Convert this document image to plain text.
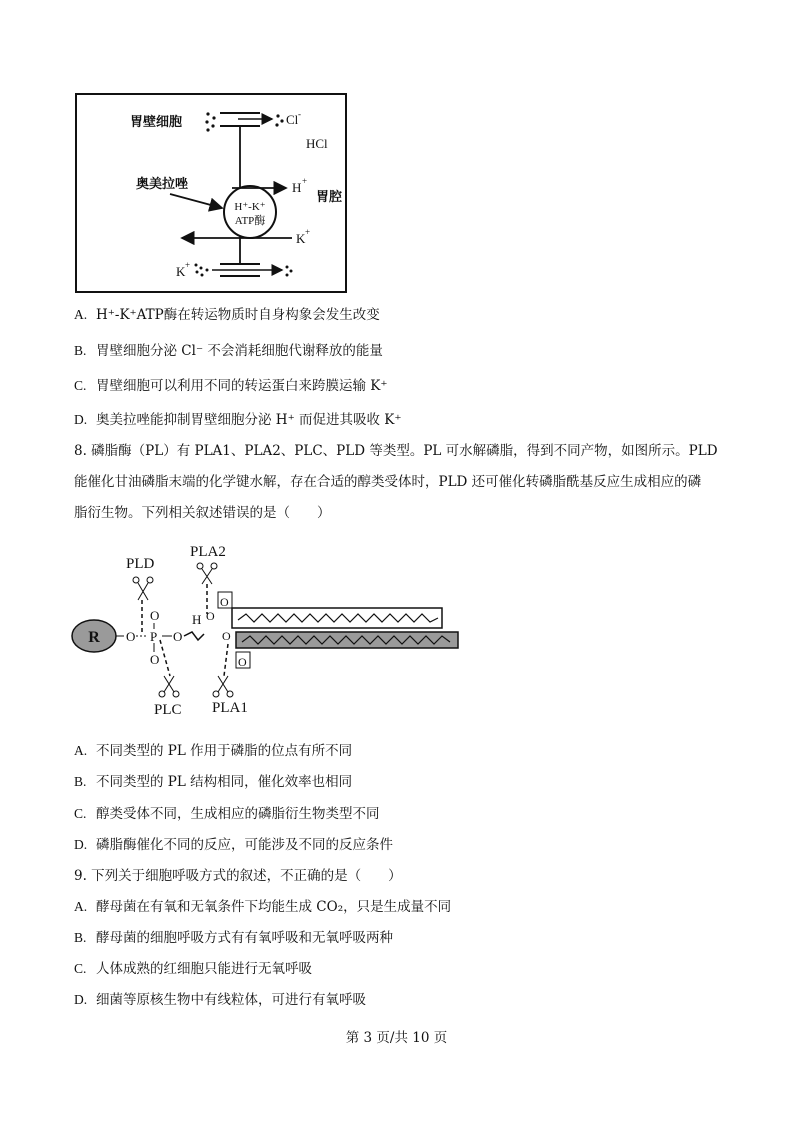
胃壁细胞	Cl -
HCl
H⁺-K⁺
ATP酶
H +
胃腔
奥美拉唑
K +
K +
A. H⁺-K⁺ATP酶在转运物质时自身构象会发生改变
B. 胃壁细胞分泌 Cl⁻ 不会消耗细胞代谢释放的能量
C. 胃壁细胞可以利用不同的转运蛋白来跨膜运输 K⁺
D. 奥美拉唑能抑制胃壁细胞分泌 H⁺ 而促进其吸收 K⁺
8. 磷脂酶（PL）有 PLA1、PLA2、PLC、PLD 等类型。PL 可水解磷脂，得到不同产物，如图所示。PLD
能催化甘油磷脂末端的化学键水解，存在合适的醇类受体时，PLD 还可催化转磷脂酰基反应生成相应的磷
脂衍生物。下列相关叙述错误的是（　　）
R O P
O
O
O
H O
O
PLD
PLC
PLA2
O
O
PLA1
A. 不同类型的 PL 作用于磷脂的位点有所不同
B. 不同类型的 PL 结构相同，催化效率也相同
C. 醇类受体不同，生成相应的磷脂衍生物类型不同
D. 磷脂酶催化不同的反应，可能涉及不同的反应条件
9. 下列关于细胞呼吸方式的叙述，不正确的是（　　）
A. 酵母菌在有氧和无氧条件下均能生成 CO₂，只是生成量不同
B. 酵母菌的细胞呼吸方式有有氧呼吸和无氧呼吸两种
C. 人体成熟的红细胞只能进行无氧呼吸
D. 细菌等原核生物中有线粒体，可进行有氧呼吸
第 3 页/共 10 页
